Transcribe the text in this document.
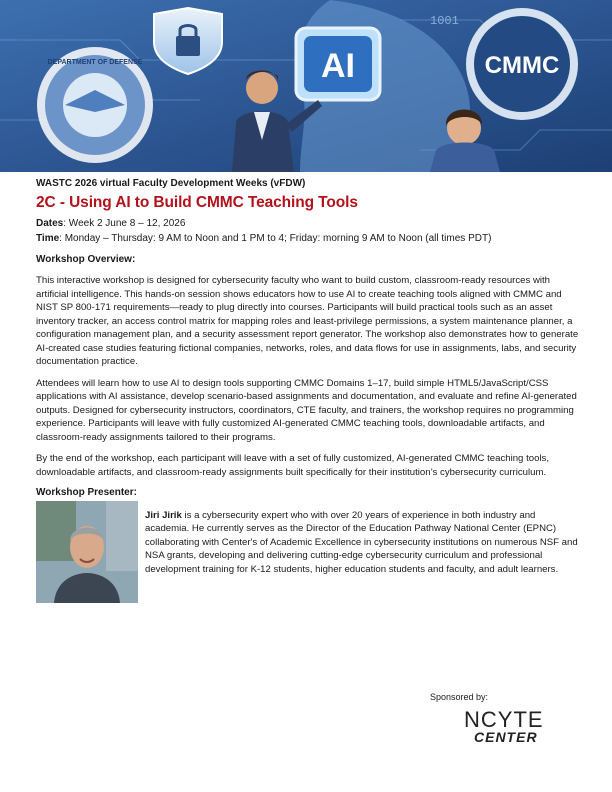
DEPARTMENT OF DEFENSE	AI	CMMC
1001

WASTC 2026 virtual Faculty Development Weeks (vFDW)

2C - Using AI to Build CMMC Teaching Tools

Dates: Week 2 June 8 – 12, 2026

Time: Monday – Thursday: 9 AM to Noon and 1 PM to 4; Friday: morning 9 AM to Noon (all times PDT)

Workshop Overview:

This interactive workshop is designed for cybersecurity faculty who want to build custom, classroom-ready resources with artificial intelligence. This hands-on session shows educators how to use AI to create teaching tools aligned with CMMC and NIST SP 800-171 requirements—ready to plug directly into courses. Participants will build practical tools such as an asset inventory tracker, an access control matrix for mapping roles and least-privilege permissions, a system maintenance planner, a configuration management plan, and a security assessment report generator. The workshop also demonstrates how to generate AI-created case studies featuring fictional companies, networks, roles, and data flows for use in assignments, labs, and security documentation practice.

Attendees will learn how to use AI to design tools supporting CMMC Domains 1–17, build simple HTML5/JavaScript/CSS applications with AI assistance, develop scenario-based assignments and documentation, and evaluate and refine AI-generated outputs. Designed for cybersecurity instructors, coordinators, CTE faculty, and trainers, the workshop requires no programming experience. Participants will leave with fully customized AI-generated CMMC teaching tools, downloadable artifacts, and classroom-ready assignments tailored to their programs.

By the end of the workshop, each participant will leave with a set of fully customized, AI-generated CMMC teaching tools, downloadable artifacts, and classroom-ready assignments built specifically for their institution’s cybersecurity curriculum.

Workshop Presenter:

Jiri Jirik is a cybersecurity expert who with over 20 years of experience in both industry and academia. He currently serves as the Director of the Education Pathway National Center (EPNC) collaborating with Center's of Academic Excellence in cybersecurity institutions on numerous NSF and NSA grants, developing and delivering cutting-edge cybersecurity curriculum and professional development training for K-12 students, higher education students and faculty, and adult learners.

Sponsored by:

NCYTE
CENTER
